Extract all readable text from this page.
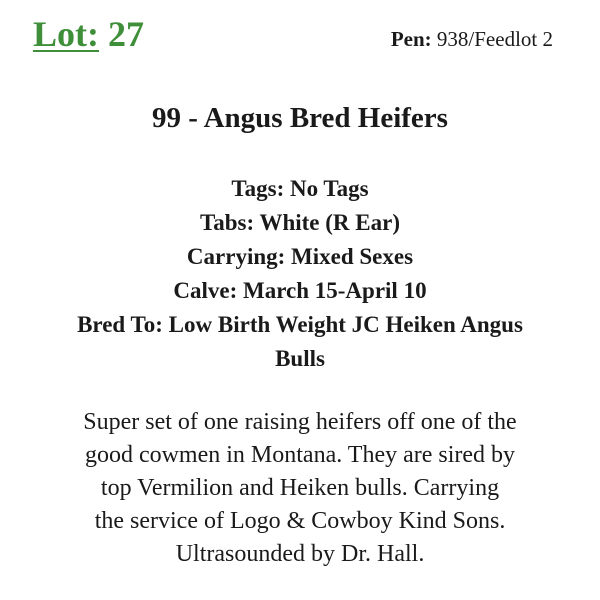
Lot: 27	Pen: 938/Feedlot 2
99 - Angus Bred Heifers
Tags: No Tags
Tabs: White (R Ear)
Carrying: Mixed Sexes
Calve: March 15-April 10
Bred To: Low Birth Weight JC Heiken Angus
Bulls
Super set of one raising heifers off one of the
good cowmen in Montana. They are sired by
top Vermilion and Heiken bulls. Carrying
the service of Logo & Cowboy Kind Sons.
Ultrasounded by Dr. Hall.
